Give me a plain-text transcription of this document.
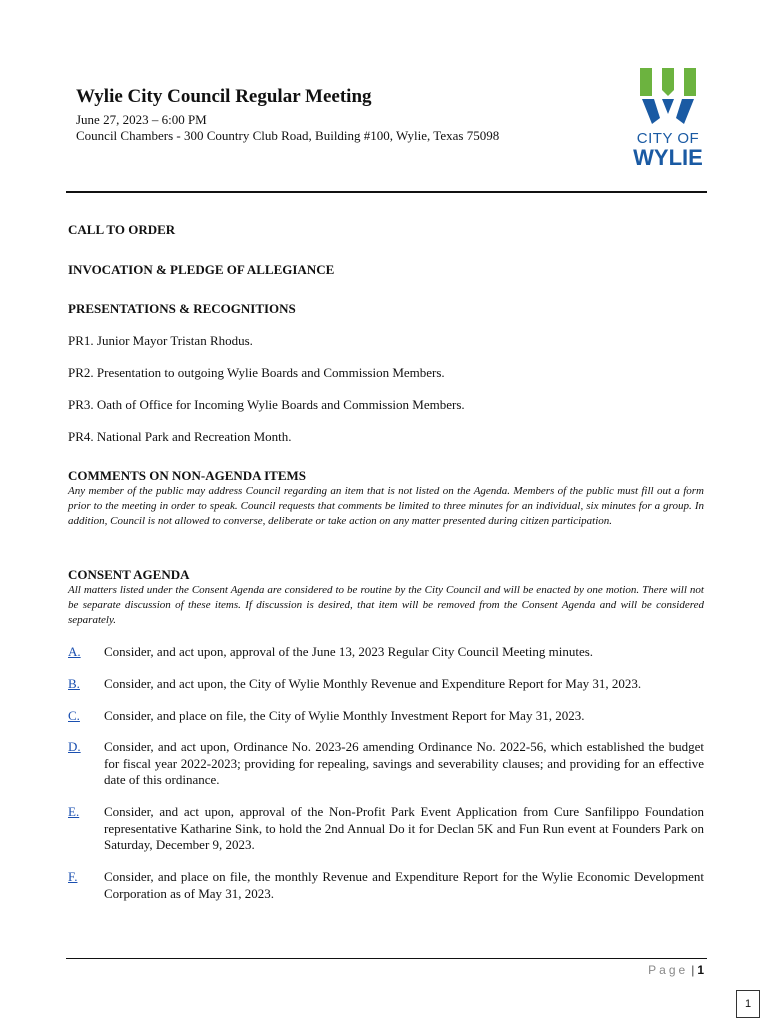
Wylie City Council Regular Meeting
June 27, 2023 – 6:00 PM
Council Chambers - 300 Country Club Road, Building #100, Wylie, Texas 75098	CITY OF
WYLIE
CALL TO ORDER
INVOCATION & PLEDGE OF ALLEGIANCE
PRESENTATIONS & RECOGNITIONS
PR1. Junior Mayor Tristan Rhodus.
PR2. Presentation to outgoing Wylie Boards and Commission Members.
PR3. Oath of Office for Incoming Wylie Boards and Commission Members.
PR4. National Park and Recreation Month.
COMMENTS ON NON-AGENDA ITEMS
Any member of the public may address Council regarding an item that is not listed on the Agenda. Members of the public must fill out a form prior to the meeting in order to speak. Council requests that comments be limited to three minutes for an individual, six minutes for a group. In addition, Council is not allowed to converse, deliberate or take action on any matter presented during citizen participation.
CONSENT AGENDA
All matters listed under the Consent Agenda are considered to be routine by the City Council and will be enacted by one motion. There will not be separate discussion of these items. If discussion is desired, that item will be removed from the Consent Agenda and will be considered separately.
A. Consider, and act upon, approval of the June 13, 2023 Regular City Council Meeting minutes.
B. Consider, and act upon, the City of Wylie Monthly Revenue and Expenditure Report for May 31, 2023.
C. Consider, and place on file, the City of Wylie Monthly Investment Report for May 31, 2023.
D. Consider, and act upon, Ordinance No. 2023-26 amending Ordinance No. 2022-56, which established the budget for fiscal year 2022-2023; providing for repealing, savings and severability clauses; and providing for an effective date of this ordinance.
E. Consider, and act upon, approval of the Non-Profit Park Event Application from Cure Sanfilippo Foundation representative Katharine Sink, to hold the 2nd Annual Do it for Declan 5K and Fun Run event at Founders Park on Saturday, December 9, 2023.
F. Consider, and place on file, the monthly Revenue and Expenditure Report for the Wylie Economic Development Corporation as of May 31, 2023.
Page | 1
1
